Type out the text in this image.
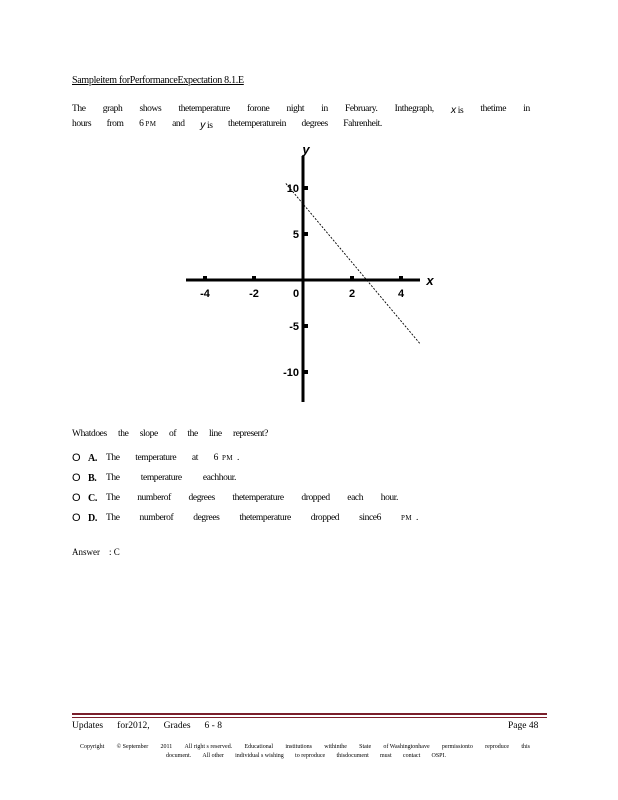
Sampleitem forPerformanceExpectation 8.1.E
The graph shows thetemperature forone night in February. Inthegraph, x is thetime in
hours from 6 PM and y is thetemperaturein degrees Fahrenheit.
-4	-2	0	2	4
10
5
-5
-10
x
y
Whatdoes the slope of the line represent?
O A. The temperature at 6 PM .
O B.	The temperature eachhour.
O C. The numberof degrees thetemperature dropped each hour.
O D. The numberof degrees thetemperature dropped since6	PM .
Answer : C
Updates for2012, Grades 6 - 8	Page 48
Copyright © September 2011 All right s reserved. Educational institutions withinthe State of Washingtonhave permissionto reproduce this
document. All other individual s wishing to reproduce thisdocument must contact OSPI.
